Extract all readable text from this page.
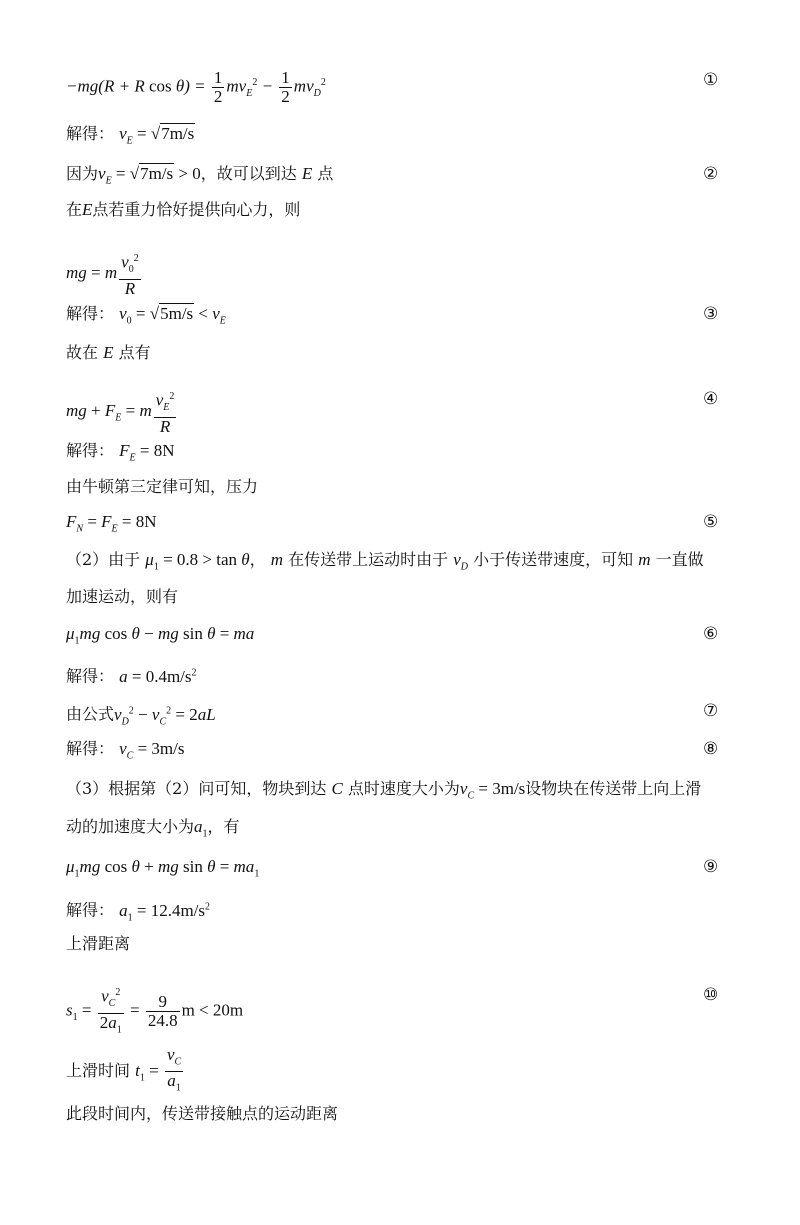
−mg(R + R $\cos \theta) = \frac{1}{2} mv_E^2 - \frac{1}{2} mv_D^2$	①
解得： $v_E = √7m/s$
因为$v_E = √7m/s > 0$，故可以到达 E 点	②
在E点若重力恰好提供向心力，则
mg = m $\frac{v_0^2}{R}$
解得： $v_0 = √5m/s < v_E$	③
故在 E 点有
mg + $F_E = m \frac{v_E^2}{R}$	④
解得： $F_E = 8N$
由牛顿第三定律可知，压力
$F_N = F_E = 8N$	⑤
（2）由于 $\mu_1 = 0.8 > \tan \theta$， m 在传送带上运动时由于 $v_D$ 小于传送带速度，可知 m 一直做
加速运动，则有
$\mu_1mg$ cos θ − mg sin θ = ma	⑥
解得： $a = 0.4m/s^2$
由公式$v_D^2 - v_C^2 = 2aL$	⑦
解得： $v_C = 3m/s$	⑧
（3）根据第（2）问可知，物块到达 C 点时速度大小为$v_C = 3m/s$设物块在传送带上向上滑
动的加速度大小为$a_1$，有
$\mu_1mg$ cos θ + mg $\sin \theta = ma_1$	⑨
解得： $a_1 = 12.4m/s^2$
上滑距离
$s_1 = \frac{v_C^2}{2a_1} = \frac{9}{24.8}$ m < 20m
⑩
上滑时间 $t_1 = \frac{v_C}{a_1}$
此段时间内，传送带接触点的运动距离
